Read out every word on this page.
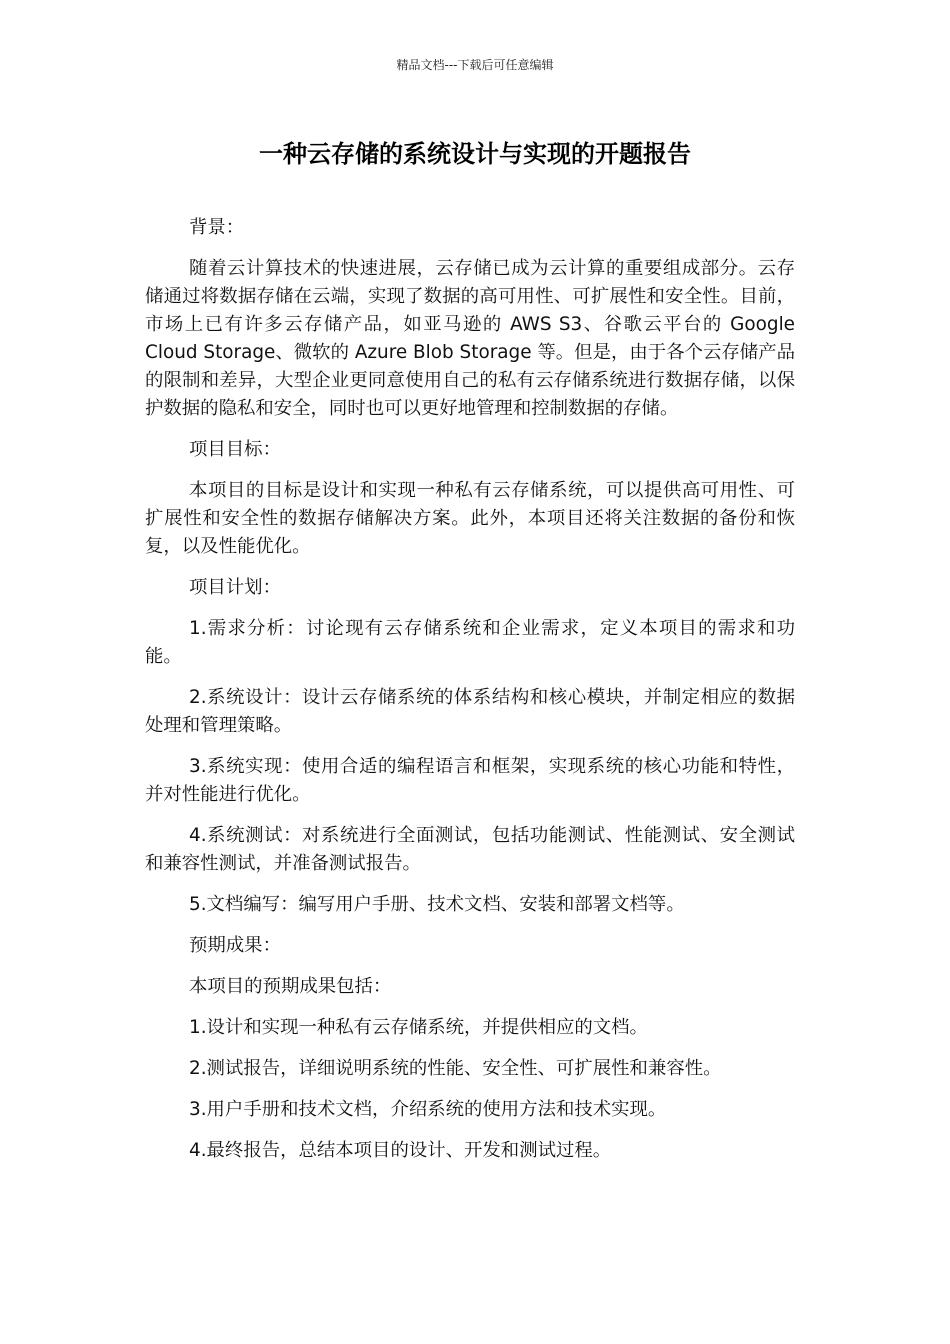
精品文档---下载后可任意编辑
一种云存储的系统设计与实现的开题报告

背景：

随着云计算技术的快速进展，云存储已成为云计算的重要组成部分。云存储通过将数据存储在云端，实现了数据的高可用性、可扩展性和安全性。目前，市场上已有许多云存储产品，如亚马逊的 AWS S3、谷歌云平台的 Google Cloud Storage、微软的 Azure Blob Storage 等。但是，由于各个云存储产品的限制和差异，大型企业更同意使用自己的私有云存储系统进行数据存储，以保护数据的隐私和安全，同时也可以更好地管理和控制数据的存储。

项目目标：

本项目的目标是设计和实现一种私有云存储系统，可以提供高可用性、可扩展性和安全性的数据存储解决方案。此外，本项目还将关注数据的备份和恢复，以及性能优化。

项目计划：

1.需求分析：讨论现有云存储系统和企业需求，定义本项目的需求和功能。

2.系统设计：设计云存储系统的体系结构和核心模块，并制定相应的数据处理和管理策略。

3.系统实现：使用合适的编程语言和框架，实现系统的核心功能和特性，并对性能进行优化。

4.系统测试：对系统进行全面测试，包括功能测试、性能测试、安全测试和兼容性测试，并准备测试报告。

5.文档编写：编写用户手册、技术文档、安装和部署文档等。

预期成果：

本项目的预期成果包括：

1.设计和实现一种私有云存储系统，并提供相应的文档。

2.测试报告，详细说明系统的性能、安全性、可扩展性和兼容性。

3.用户手册和技术文档，介绍系统的使用方法和技术实现。

4.最终报告，总结本项目的设计、开发和测试过程。
